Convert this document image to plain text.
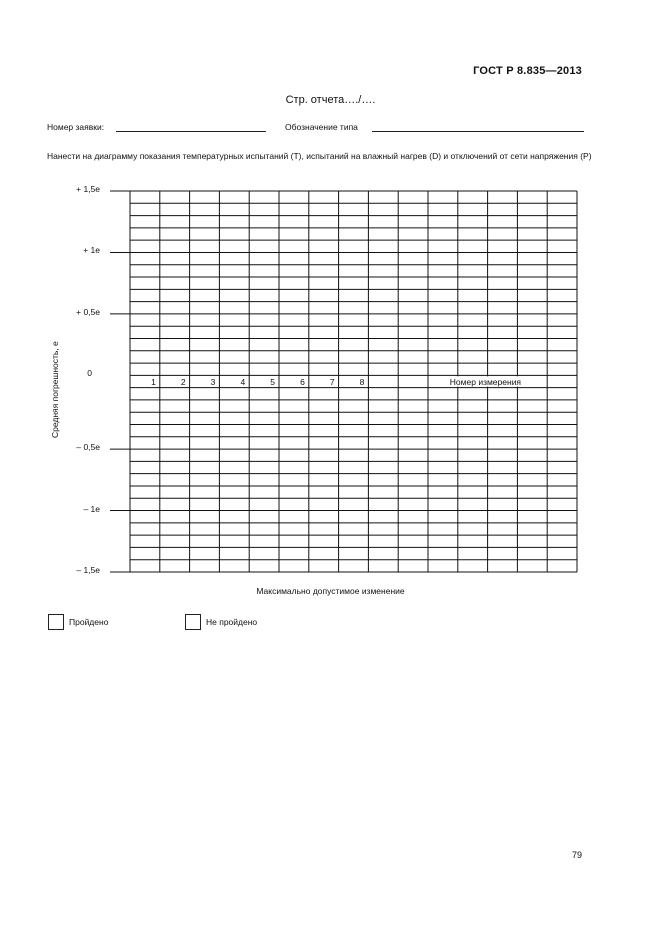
ГОСТ Р 8.835—2013
Стр. отчета…./….
Номер заявки:	Обозначение типа
Нанести на диаграмму показания температурных испытаний (T), испытаний на влажный нагрев (D) и отключений от сети напряжения (P)
Средняя погрешность, e
+ 1,5e
+ 1e
+ 0,5e
0
– 0,5e
– 1e
– 1,5e
1	2	3	4	5	6	7	8	Номер измерения
Максимально допустимое изменение
Пройдено	Не пройдено
79
